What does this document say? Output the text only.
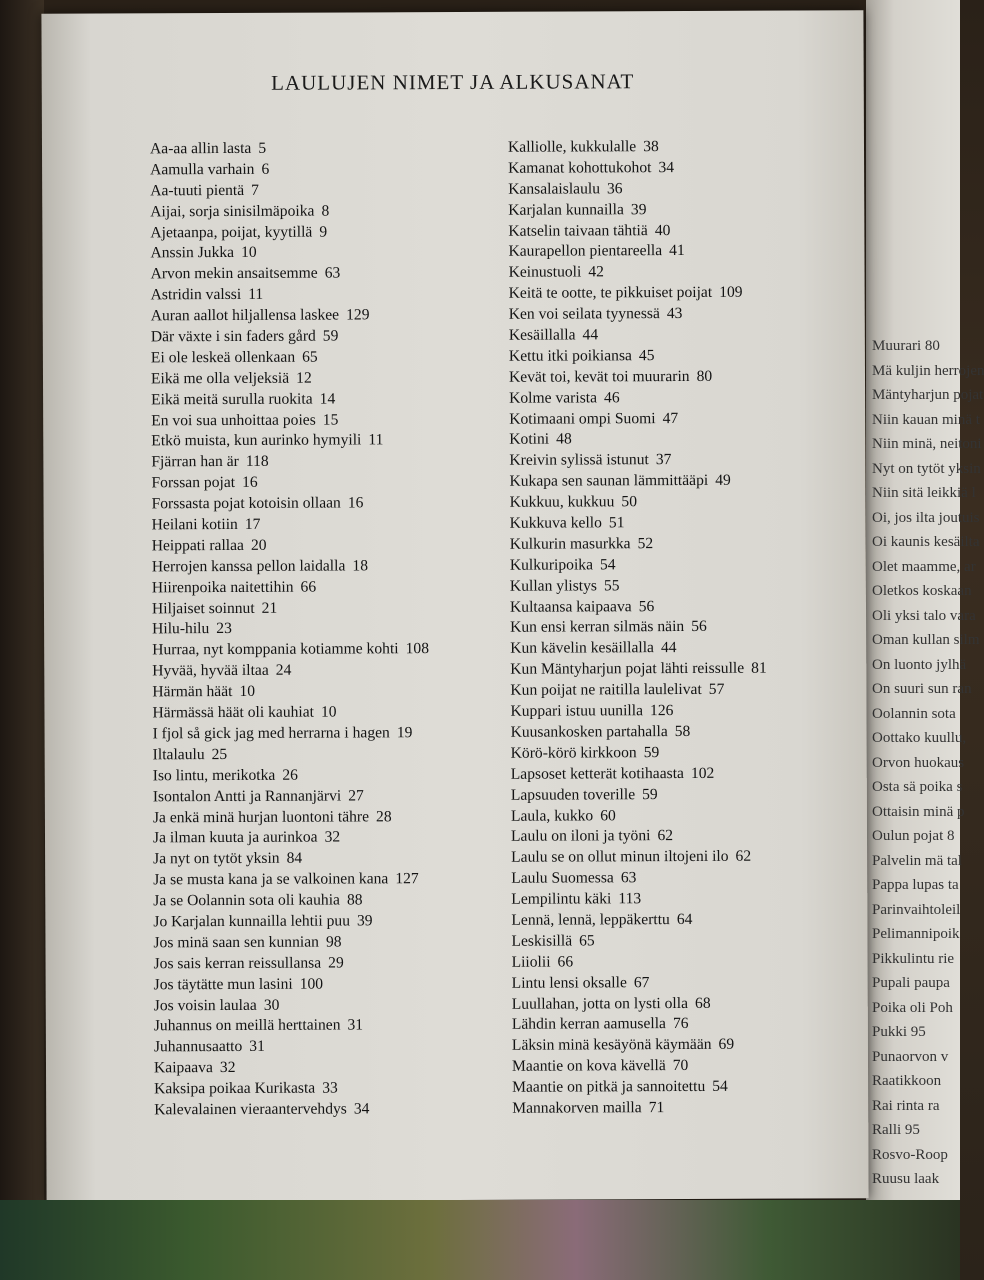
Muurari 80
Mä kuljin herrojen
Mäntyharjun pojat
Niin kauan minä t
Niin minä, neitoni
Nyt on tytöt yksin
Niin sitä leikkiä l
Oi, jos ilta joutuis
Oi kaunis kesäilta
Olet maamme, ar
Oletkos koskaan
Oli yksi talo vara
Oman kullan silm
On luonto jylhä
On suuri sun ran
Oolannin sota
Oottako kuullu,
Orvon huokaus
Osta sä poika s
Ottaisin minä p
Oulun pojat 8
Palvelin mä tal
Pappa lupas ta
Parinvaihtoleil
Pelimannipoik
Pikkulintu rie
Pupali paupa
Poika oli Poh
Pukki 95
Punaorvon v
Raatikkoon
Rai rinta ra
Ralli 95
Rosvo-Roop
Ruusu laak
LAULUJEN NIMET JA ALKUSANAT
Aa-aa allin lasta 5
Aamulla varhain 6
Aa-tuuti pientä 7
Aijai, sorja sinisilmäpoika 8
Ajetaanpa, poijat, kyytillä 9
Anssin Jukka 10
Arvon mekin ansaitsemme 63
Astridin valssi 11
Auran aallot hiljallensa laskee 129
Där växte i sin faders gård 59
Ei ole leskeä ollenkaan 65
Eikä me olla veljeksiä 12
Eikä meitä surulla ruokita 14
En voi sua unhoittaa poies 15
Etkö muista, kun aurinko hymyili 11
Fjärran han är 118
Forssan pojat 16
Forssasta pojat kotoisin ollaan 16
Heilani kotiin 17
Heippati rallaa 20
Herrojen kanssa pellon laidalla 18
Hiirenpoika naitettihin 66
Hiljaiset soinnut 21
Hilu-hilu 23
Hurraa, nyt komppania kotiamme kohti 108
Hyvää, hyvää iltaa 24
Härmän häät 10
Härmässä häät oli kauhiat 10
I fjol så gick jag med herrarna i hagen 19
Iltalaulu 25
Iso lintu, merikotka 26
Isontalon Antti ja Rannanjärvi 27
Ja enkä minä hurjan luontoni tähre 28
Ja ilman kuuta ja aurinkoa 32
Ja nyt on tytöt yksin 84
Ja se musta kana ja se valkoinen kana 127
Ja se Oolannin sota oli kauhia 88
Jo Karjalan kunnailla lehtii puu 39
Jos minä saan sen kunnian 98
Jos sais kerran reissullansa 29
Jos täytätte mun lasini 100
Jos voisin laulaa 30
Juhannus on meillä herttainen 31
Juhannusaatto 31
Kaipaava 32
Kaksipa poikaa Kurikasta 33
Kalevalainen vieraantervehdys 34
Kalliolle, kukkulalle 38
Kamanat kohottukohot 34
Kansalaislaulu 36
Karjalan kunnailla 39
Katselin taivaan tähtiä 40
Kaurapellon pientareella 41
Keinustuoli 42
Keitä te ootte, te pikkuiset poijat 109
Ken voi seilata tyynessä 43
Kesäillalla 44
Kettu itki poikiansa 45
Kevät toi, kevät toi muurarin 80
Kolme varista 46
Kotimaani ompi Suomi 47
Kotini 48
Kreivin sylissä istunut 37
Kukapa sen saunan lämmittääpi 49
Kukkuu, kukkuu 50
Kukkuva kello 51
Kulkurin masurkka 52
Kulkuripoika 54
Kullan ylistys 55
Kultaansa kaipaava 56
Kun ensi kerran silmäs näin 56
Kun kävelin kesäillalla 44
Kun Mäntyharjun pojat lähti reissulle 81
Kun poijat ne raitilla laulelivat 57
Kuppari istuu uunilla 126
Kuusankosken partahalla 58
Körö-körö kirkkoon 59
Lapsoset ketterät kotihaasta 102
Lapsuuden toverille 59
Laula, kukko 60
Laulu on iloni ja työni 62
Laulu se on ollut minun iltojeni ilo 62
Laulu Suomessa 63
Lempilintu käki 113
Lennä, lennä, leppäkerttu 64
Leskisillä 65
Liiolii 66
Lintu lensi oksalle 67
Luullahan, jotta on lysti olla 68
Lähdin kerran aamusella 76
Läksin minä kesäyönä käymään 69
Maantie on kova kävellä 70
Maantie on pitkä ja sannoitettu 54
Mannakorven mailla 71
